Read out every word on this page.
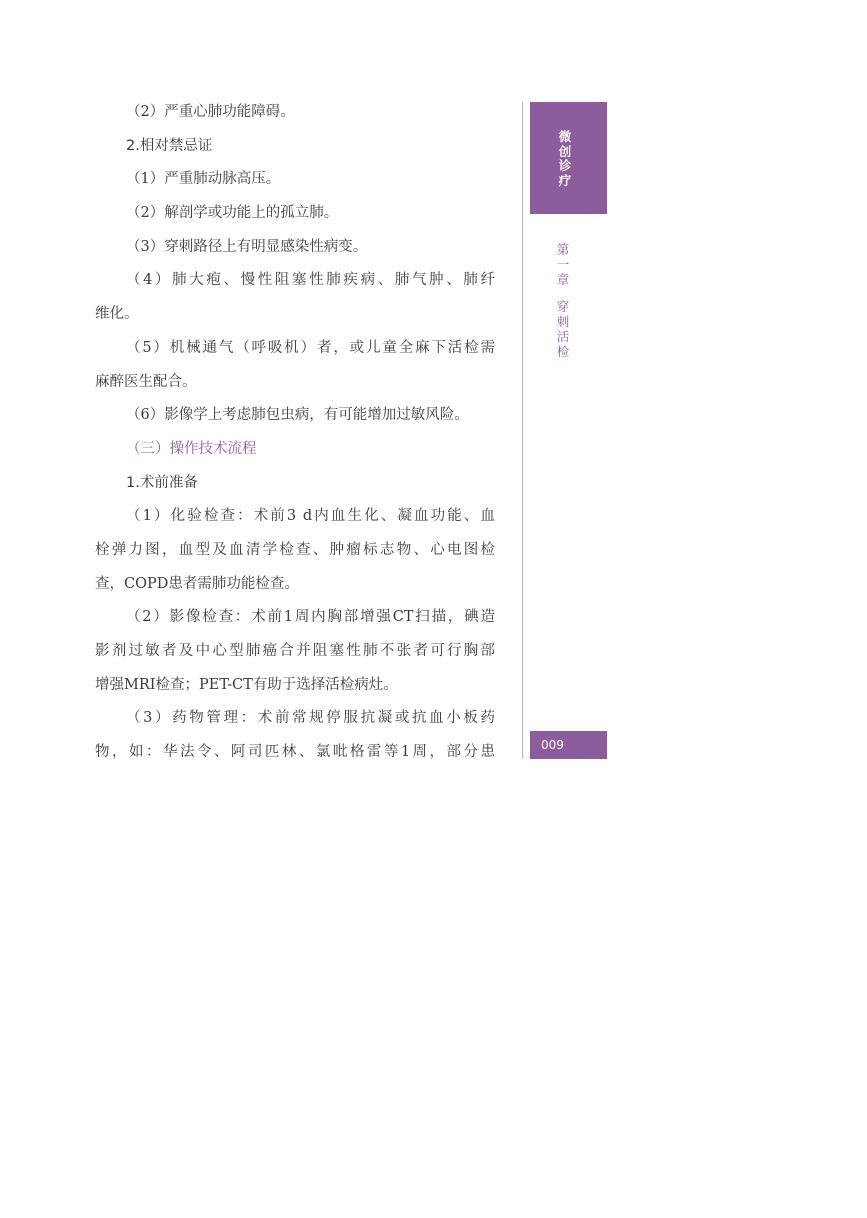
（2）严重心肺功能障碍。
2.相对禁忌证
（1）严重肺动脉高压。
（2）解剖学或功能上的孤立肺。
（3）穿刺路径上有明显感染性病变。
（4）肺大疱、慢性阻塞性肺疾病、肺气肿、肺纤
维化。
（5）机械通气（呼吸机）者，或儿童全麻下活检需
麻醉医生配合。
（6）影像学上考虑肺包虫病，有可能增加过敏风险。
（三）操作技术流程
1.术前准备
（1）化验检查：术前3 d内血生化、凝血功能、血
栓弹力图，血型及血清学检查、肿瘤标志物、心电图检
查，COPD患者需肺功能检查。
（2）影像检查：术前1周内胸部增强CT扫描，碘造
影剂过敏者及中心型肺癌合并阻塞性肺不张者可行胸部
增强MRI检查；PET-CT有助于选择活检病灶。
（3）药物管理：术前常规停服抗凝或抗血小板药
物，如：华法令、阿司匹林、氯吡格雷等1周，部分患
微创诊疗
第一章
穿刺活检
009
